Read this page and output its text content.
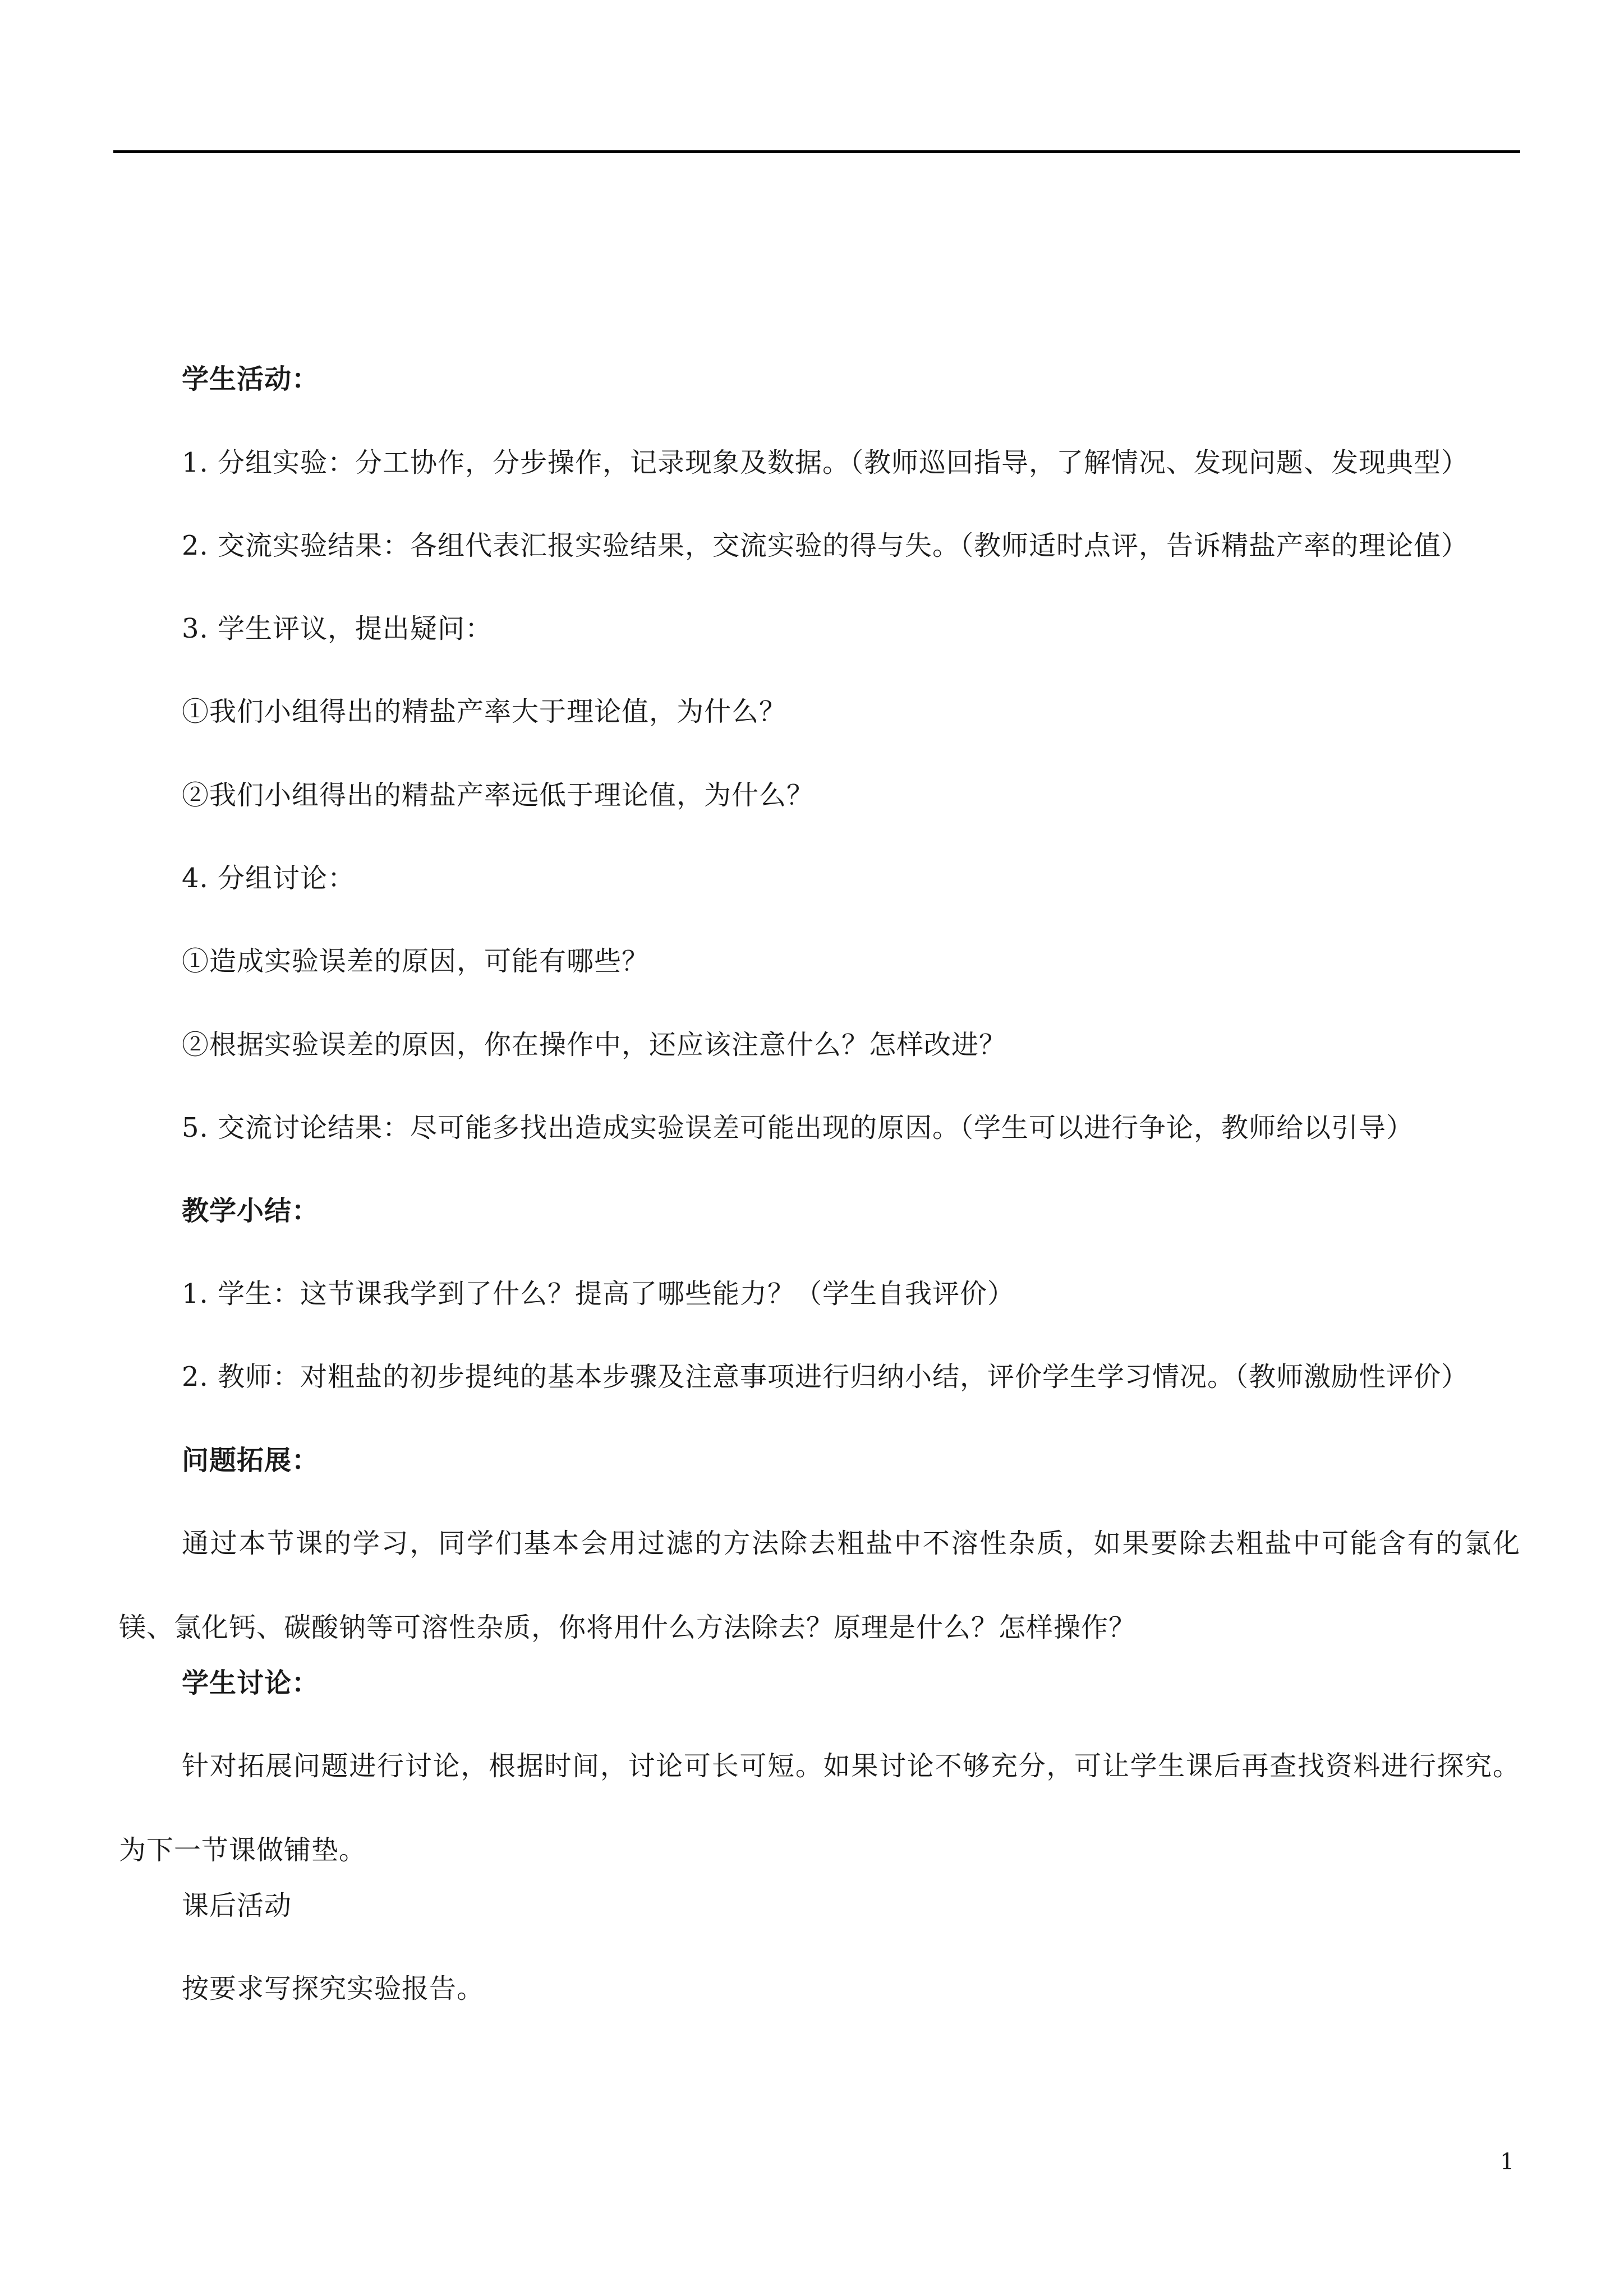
学生活动：
1. 分组实验：分工协作，分步操作，记录现象及数据。（教师巡回指导，了解情况、发现问题、发现典型）
2. 交流实验结果：各组代表汇报实验结果，交流实验的得与失。（教师适时点评，告诉精盐产率的理论值）
3. 学生评议，提出疑问：
①我们小组得出的精盐产率大于理论值，为什么？
②我们小组得出的精盐产率远低于理论值，为什么？
4. 分组讨论：
①造成实验误差的原因，可能有哪些？
②根据实验误差的原因，你在操作中，还应该注意什么？怎样改进？
5. 交流讨论结果：尽可能多找出造成实验误差可能出现的原因。（学生可以进行争论，教师给以引导）
教学小结：
1. 学生：这节课我学到了什么？提高了哪些能力？（学生自我评价）
2. 教师：对粗盐的初步提纯的基本步骤及注意事项进行归纳小结，评价学生学习情况。（教师激励性评价）
问题拓展：
通过本节课的学习，同学们基本会用过滤的方法除去粗盐中不溶性杂质，如果要除去粗盐中可能含有的氯化镁、氯化钙、碳酸钠等可溶性杂质，你将用什么方法除去？原理是什么？怎样操作？
学生讨论：
针对拓展问题进行讨论，根据时间，讨论可长可短。如果讨论不够充分，可让学生课后再查找资料进行探究。为下一节课做铺垫。
课后活动
按要求写探究实验报告。
1
